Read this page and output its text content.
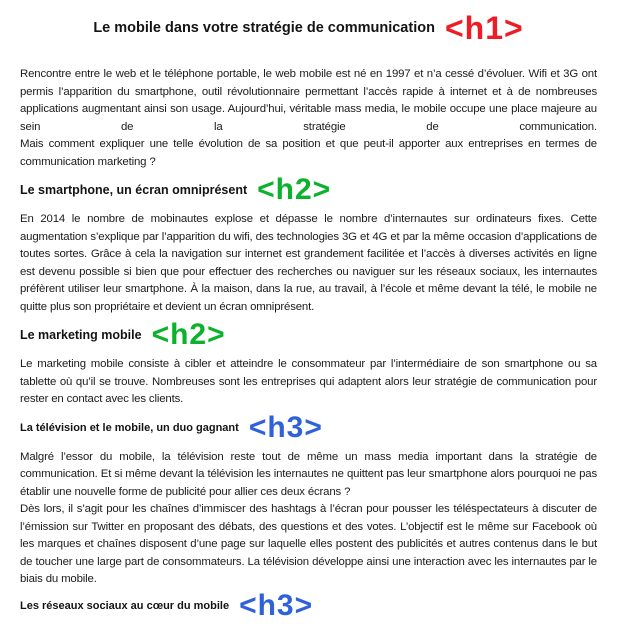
Le mobile dans votre stratégie de communication <h1>

Rencontre entre le web et le téléphone portable, le web mobile est né en 1997 et n’a cessé d’évoluer. Wifi et 3G ont permis l’apparition du smartphone, outil révolutionnaire permettant l’accès rapide à internet et à de nombreuses applications augmentant ainsi son usage. Aujourd’hui, véritable mass media, le mobile occupe une place majeure au sein de la stratégie de communication.

Mais comment expliquer une telle évolution de sa position et que peut-il apporter aux entreprises en termes de communication marketing ?

Le smartphone, un écran omniprésent <h2>

En 2014 le nombre de mobinautes explose et dépasse le nombre d’internautes sur ordinateurs fixes. Cette augmentation s’explique par l’apparition du wifi, des technologies 3G et 4G et par la même occasion d’applications de toutes sortes. Grâce à cela la navigation sur internet est grandement facilitée et l’accès à diverses activités en ligne est devenu possible si bien que pour effectuer des recherches ou naviguer sur les réseaux sociaux, les internautes préfèrent utiliser leur smartphone. À la maison, dans la rue, au travail, à l’école et même devant la télé, le mobile ne quitte plus son propriétaire et devient un écran omniprésent.

Le marketing mobile <h2>

Le marketing mobile consiste à cibler et atteindre le consommateur par l’intermédiaire de son smartphone ou sa tablette où qu’il se trouve. Nombreuses sont les entreprises qui adaptent alors leur stratégie de communication pour rester en contact avec les clients.

La télévision et le mobile, un duo gagnant <h3>

Malgré l’essor du mobile, la télévision reste tout de même un mass media important dans la stratégie de communication. Et si même devant la télévision les internautes ne quittent pas leur smartphone alors pourquoi ne pas établir une nouvelle forme de publicité pour allier ces deux écrans ?

Dès lors, il s’agit pour les chaînes d’immiscer des hashtags à l’écran pour pousser les téléspectateurs à discuter de l’émission sur Twitter en proposant des débats, des questions et des votes. L’objectif est le même sur Facebook où les marques et chaînes disposent d’une page sur laquelle elles postent des publicités et autres contenus dans le but de toucher une large part de consommateurs. La télévision développe ainsi une interaction avec les internautes par le biais du mobile.

Les réseaux sociaux au cœur du mobile <h3>
